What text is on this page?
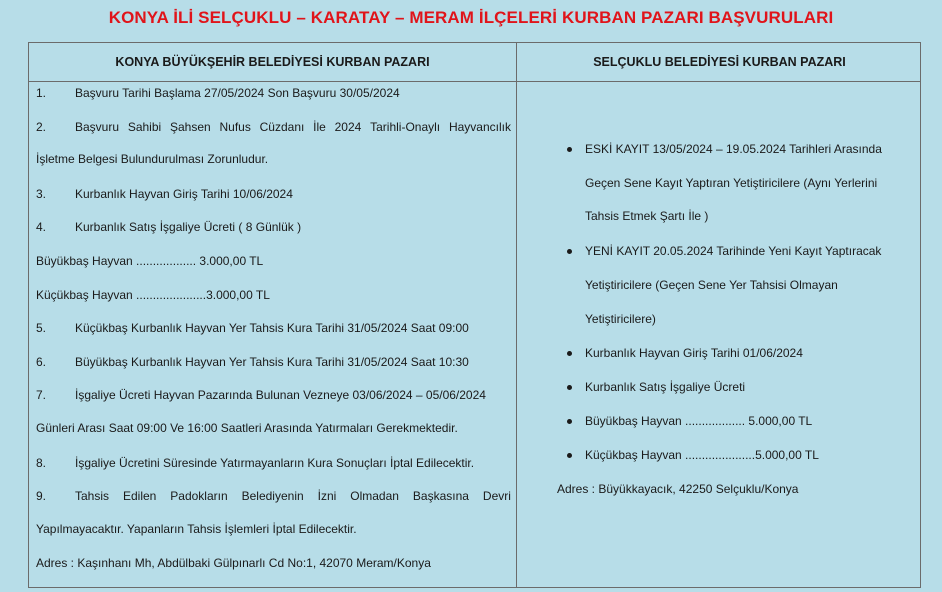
KONYA İLİ SELÇUKLU – KARATAY – MERAM İLÇELERİ KURBAN PAZARI BAŞVURULARI
KONYA BÜYÜKŞEHİR BELEDİYESİ KURBAN PAZARI	SELÇUKLU BELEDİYESİ KURBAN PAZARI
1. Başvuru Tarihi Başlama 27/05/2024 Son Başvuru 30/05/2024
2. Başvuru Sahibi Şahsen Nufus Cüzdanı İle 2024 Tarihli-Onaylı Hayvancılık
İşletme Belgesi Bulundurulması Zorunludur.
3. Kurbanlık Hayvan Giriş Tarihi 10/06/2024
4. Kurbanlık Satış İşgaliye Ücreti ( 8 Günlük )
Büyükbaş Hayvan .................. 3.000,00 TL
Küçükbaş Hayvan .....................3.000,00 TL
5. Küçükbaş Kurbanlık Hayvan Yer Tahsis Kura Tarihi 31/05/2024 Saat 09:00
6. Büyükbaş Kurbanlık Hayvan Yer Tahsis Kura Tarihi 31/05/2024 Saat 10:30
7. İşgaliye Ücreti Hayvan Pazarında Bulunan Vezneye 03/06/2024 – 05/06/2024
Günleri Arası Saat 09:00 Ve 16:00 Saatleri Arasında Yatırmaları Gerekmektedir.
8. İşgaliye Ücretini Süresinde Yatırmayanların Kura Sonuçları İptal Edilecektir.
9. Tahsis Edilen Padokların Belediyenin İzni Olmadan Başkasına Devri
Yapılmayacaktır. Yapanların Tahsis İşlemleri İptal Edilecektir.
Adres : Kaşınhanı Mh, Abdülbaki Gülpınarlı Cd No:1, 42070 Meram/Konya
ESKİ KAYIT 13/05/2024 – 19.05.2024 Tarihleri Arasında
Geçen Sene Kayıt Yaptıran Yetiştiricilere (Aynı Yerlerini
Tahsis Etmek Şartı İle )
YENİ KAYIT 20.05.2024 Tarihinde Yeni Kayıt Yaptıracak
Yetiştiricilere (Geçen Sene Yer Tahsisi Olmayan
Yetiştiricilere)
Kurbanlık Hayvan Giriş Tarihi 01/06/2024
Kurbanlık Satış İşgaliye Ücreti
Büyükbaş Hayvan .................. 5.000,00 TL
Küçükbaş Hayvan .....................5.000,00 TL
Adres : Büyükkayacık, 42250 Selçuklu/Konya
